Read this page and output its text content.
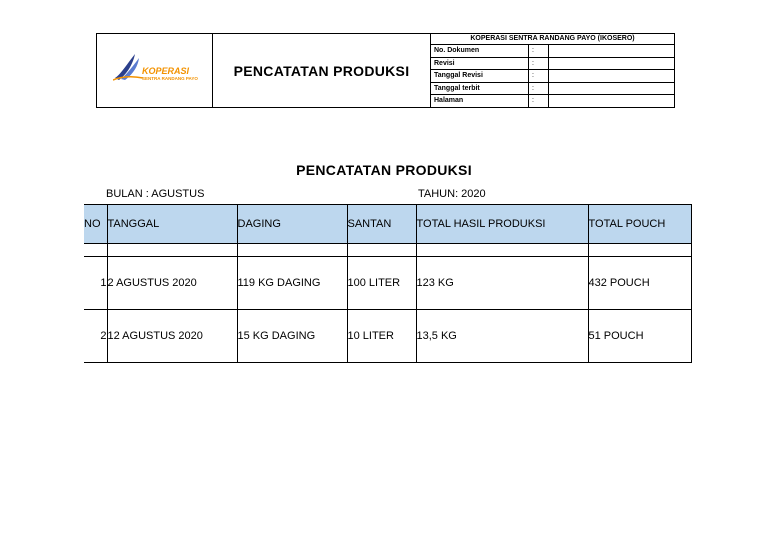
KOPERASI
SENTRA RANDANG PAYO	PENCATATAN PRODUKSI
KOPERASI SENTRA RANDANG PAYO (IKOSERO)
No. Dokumen	:
Revisi	:
Tanggal Revisi	:
Tanggal terbit	:
Halaman	:
PENCATATAN PRODUKSI
BULAN : AGUSTUS	TAHUN: 2020
NO	TANGGAL	DAGING	SANTAN	TOTAL HASIL PRODUKSI	TOTAL POUCH

1	2 AGUSTUS 2020	119 KG DAGING	100 LITER	123 KG	432 POUCH
2	12 AGUSTUS 2020	15 KG DAGING	10 LITER	13,5 KG	51 POUCH
